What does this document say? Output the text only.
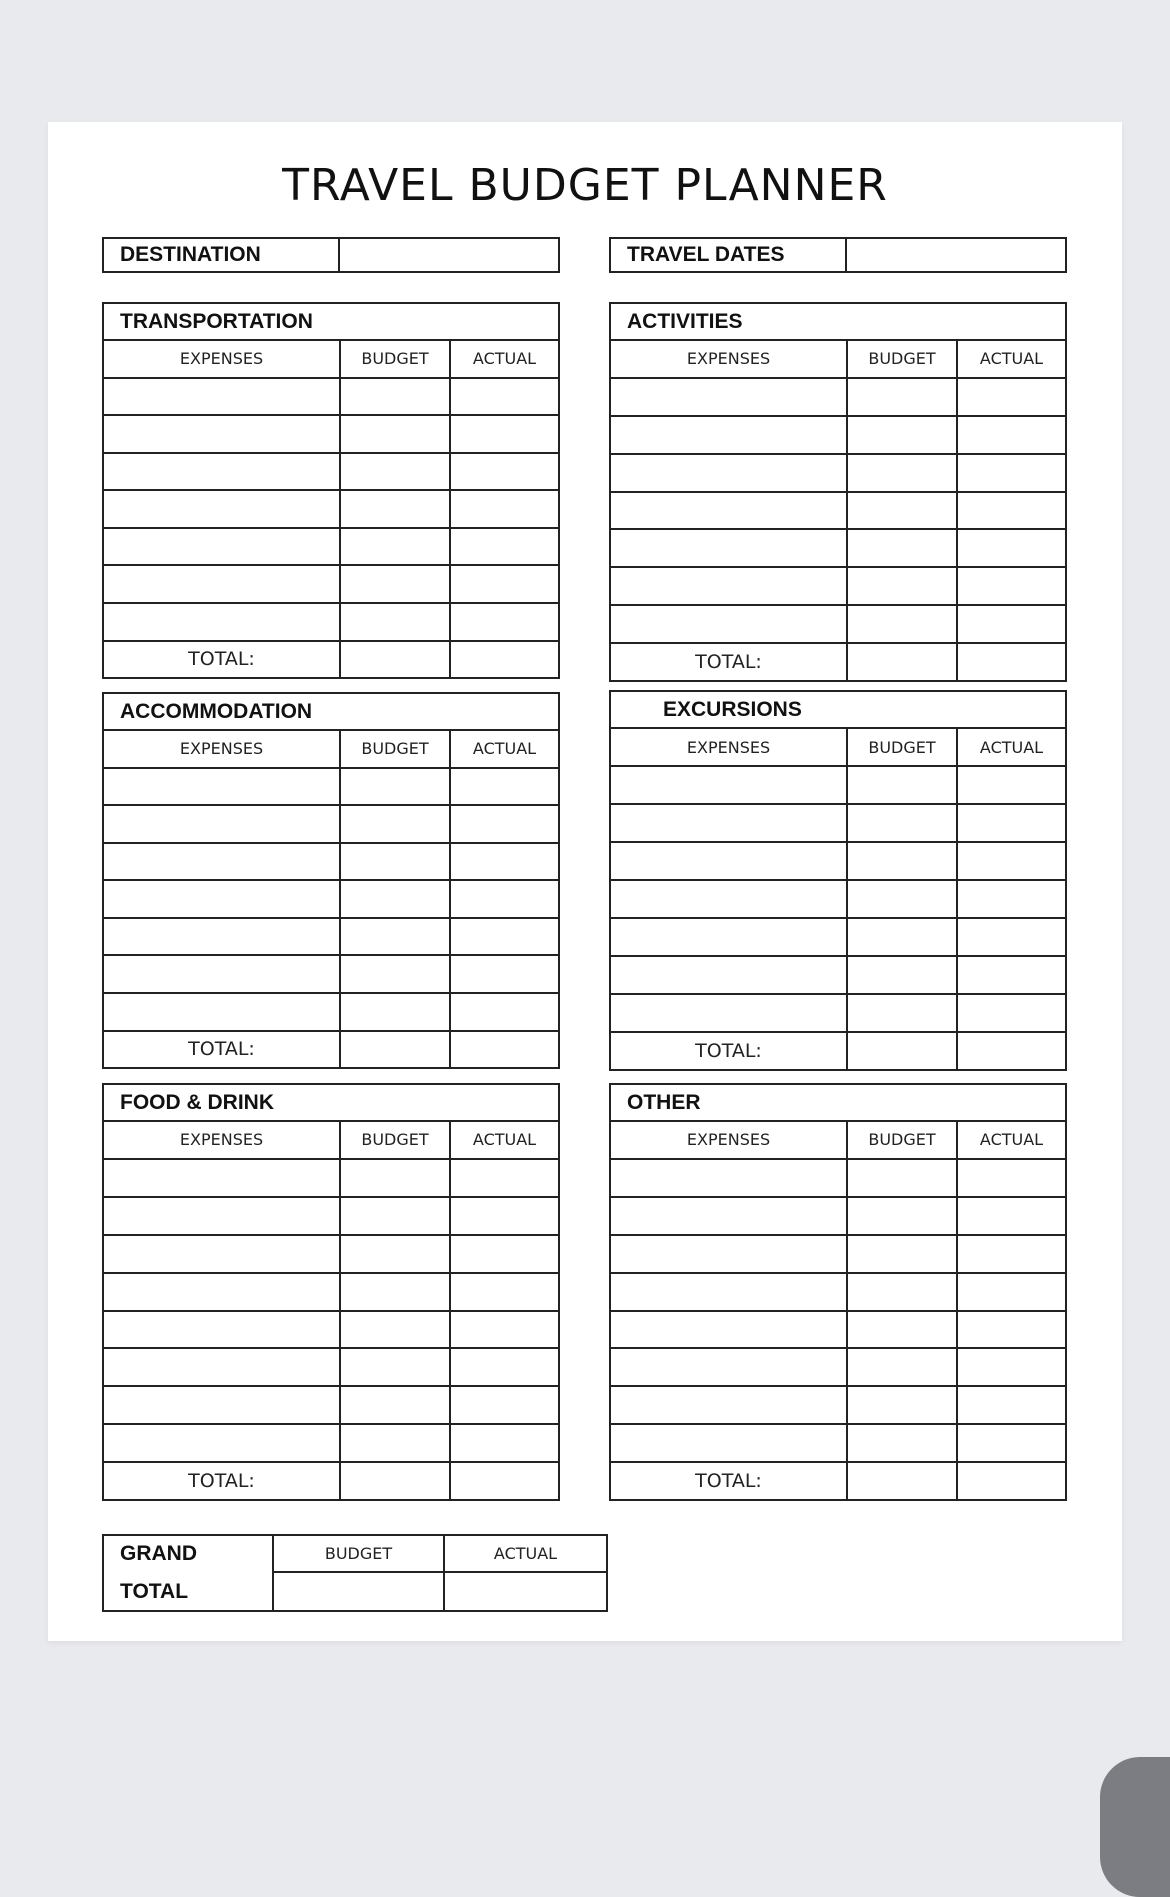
TRAVEL BUDGET PLANNER
DESTINATION	TRAVEL DATES
TRANSPORTATION
EXPENSES	BUDGET	ACTUAL
TOTAL:
ACTIVITIES
EXPENSES	BUDGET	ACTUAL
TOTAL:
ACCOMMODATION
EXPENSES	BUDGET	ACTUAL
TOTAL:
EXCURSIONS
EXPENSES	BUDGET	ACTUAL
TOTAL:
FOOD & DRINK
EXPENSES	BUDGET	ACTUAL
TOTAL:
OTHER
EXPENSES	BUDGET	ACTUAL
TOTAL:
GRAND
TOTAL
BUDGET	ACTUAL
